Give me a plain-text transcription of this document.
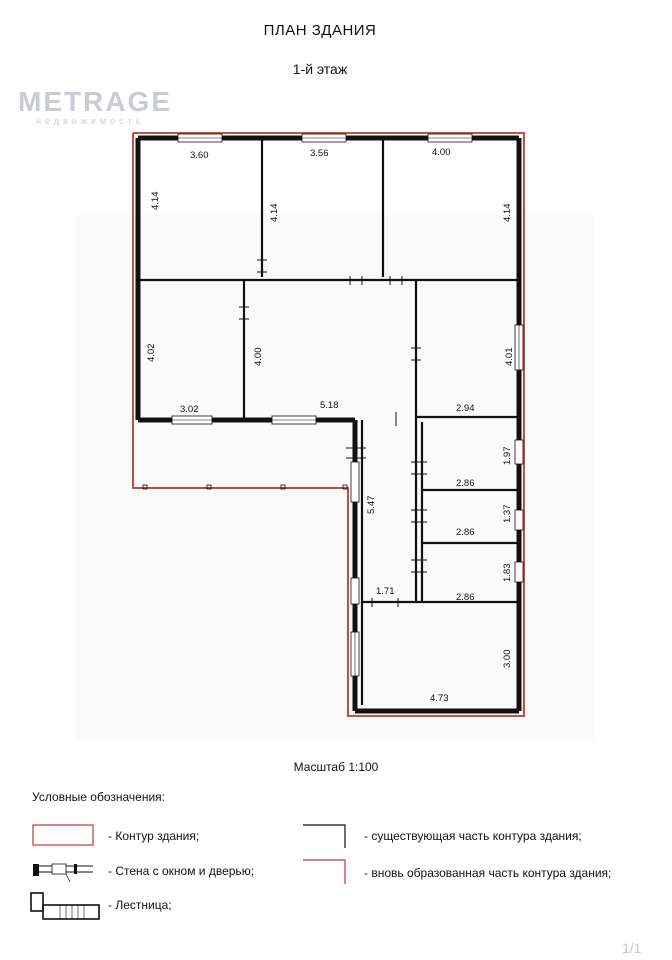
ПЛАН ЗДАНИЯ
1-й этаж
METRAGE
недвижимость
3.60
4.14
3.56
4.14
4.00
4.14
3.02
4.02
5.18
4.00
2.94
4.01
5.47
1.71
2.86
1.97
2.86
1.37
2.86
1.83
4.73
3.00
Масштаб 1:100
Условные обозначения:
- Контур здания;
- Стена с окном и дверью;
- Лестница;
- существующая часть контура здания;
- вновь образованная часть контура здания;
1/1
